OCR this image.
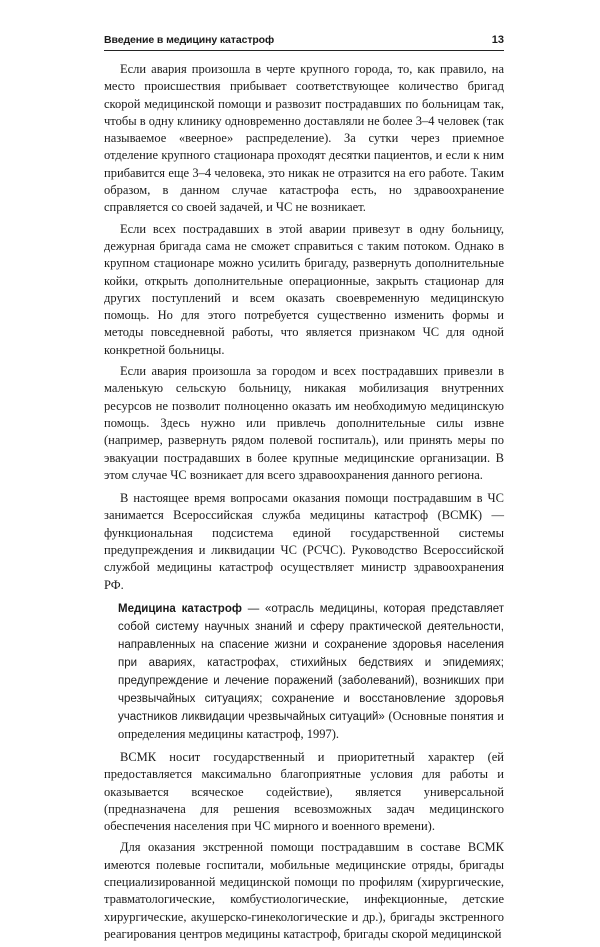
Введение в медицину катастроф	13

Если авария произошла в черте крупного города, то, как правило, на место происшествия прибывает соответствующее количество бригад скорой медицинской помощи и развозит пострадавших по больницам так, чтобы в одну клинику одновременно доставляли не более 3–4 человек (так называемое «веерное» распределение). За сутки через приемное отделение крупного стационара проходят десятки пациентов, и если к ним прибавится еще 3–4 человека, это никак не отразится на его работе. Таким образом, в данном случае катастрофа есть, но здравоохранение справляется со своей задачей, и ЧС не возникает.

Если всех пострадавших в этой аварии привезут в одну больницу, дежурная бригада сама не сможет справиться с таким потоком. Однако в крупном стационаре можно усилить бригаду, развернуть дополнительные койки, открыть дополнительные операционные, закрыть стационар для других поступлений и всем оказать своевременную медицинскую помощь. Но для этого потребуется существенно изменить формы и методы повседневной работы, что является признаком ЧС для одной конкретной больницы.

Если авария произошла за городом и всех пострадавших привезли в маленькую сельскую больницу, никакая мобилизация внутренних ресурсов не позволит полноценно оказать им необходимую медицинскую помощь. Здесь нужно или привлечь дополнительные силы извне (например, развернуть рядом полевой госпиталь), или принять меры по эвакуации пострадавших в более крупные медицинские организации. В этом случае ЧС возникает для всего здравоохранения данного региона.

В настоящее время вопросами оказания помощи пострадавшим в ЧС занимается Всероссийская служба медицины катастроф (ВСМК) — функциональная подсистема единой государственной системы предупреждения и ликвидации ЧС (РСЧС). Руководство Всероссийской службой медицины катастроф осуществляет министр здравоохранения РФ.

Медицина катастроф — «отрасль медицины, которая представляет собой систему научных знаний и сферу практической деятельности, направленных на спасение жизни и сохранение здоровья населения при авариях, катастрофах, стихийных бедствиях и эпидемиях; предупреждение и лечение поражений (заболеваний), возникших при чрезвычайных ситуациях; сохранение и восстановление здоровья участников ликвидации чрезвычайных ситуаций» (Основные понятия и определения медицины катастроф, 1997).

ВСМК носит государственный и приоритетный характер (ей предоставляется максимально благоприятные условия для работы и оказывается всяческое содействие), является универсальной (предназначена для решения всевозможных задач медицинского обеспечения населения при ЧС мирного и военного времени).

Для оказания экстренной помощи пострадавшим в составе ВСМК имеются полевые госпитали, мобильные медицинские отряды, бригады специализированной медицинской помощи по профилям (хирургические, травматологические, комбустиологические, инфекционные, детские хирургические, акушерско-гинекологические и др.), бригады экстренного реагирования центров медицины катастроф, бригады скорой медицинской
